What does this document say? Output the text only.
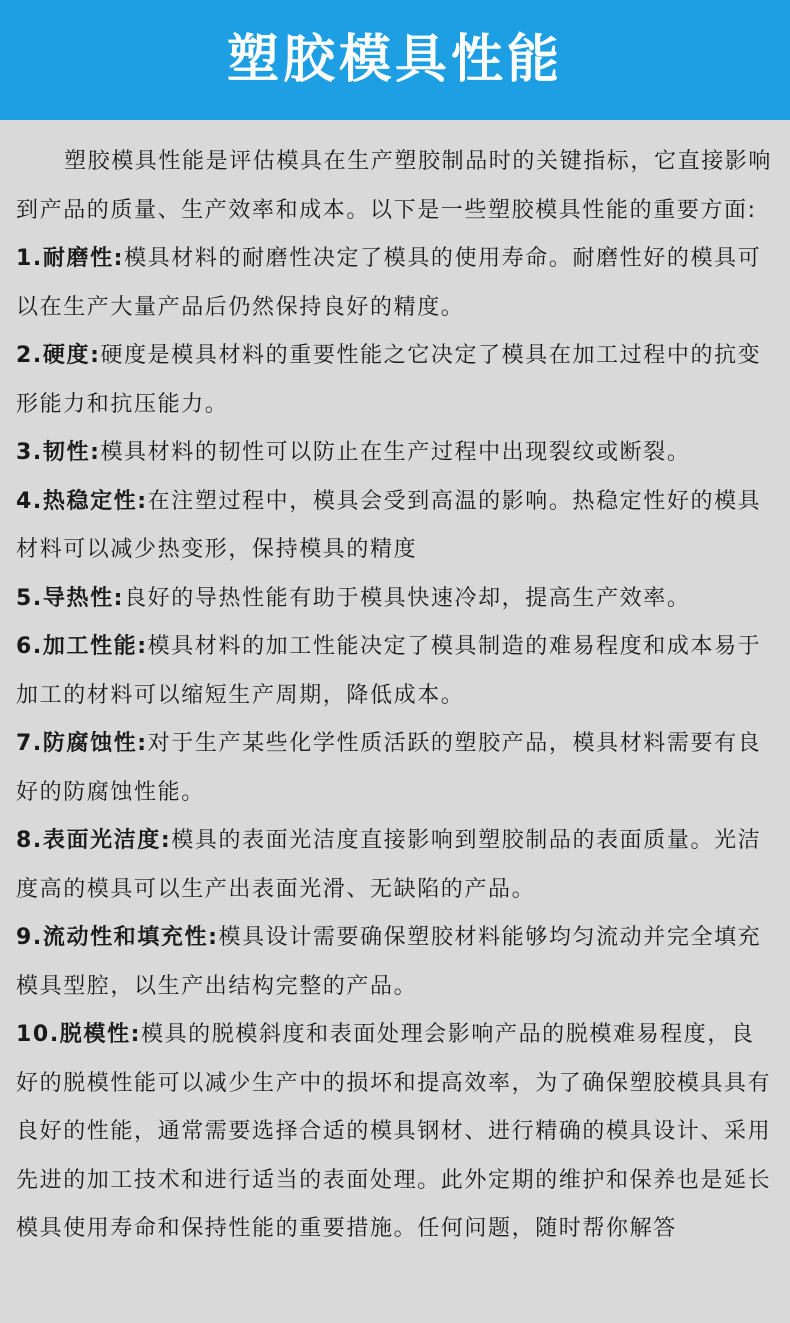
塑胶模具性能

塑胶模具性能是评估模具在生产塑胶制品时的关键指标，它直接影响到产品的质量、生产效率和成本。以下是一些塑胶模具性能的重要方面:

1.耐磨性:模具材料的耐磨性决定了模具的使用寿命。耐磨性好的模具可以在生产大量产品后仍然保持良好的精度。

2.硬度:硬度是模具材料的重要性能之它决定了模具在加工过程中的抗变形能力和抗压能力。

3.韧性:模具材料的韧性可以防止在生产过程中出现裂纹或断裂。

4.热稳定性:在注塑过程中，模具会受到高温的影响。热稳定性好的模具材料可以减少热变形，保持模具的精度

5.导热性:良好的导热性能有助于模具快速冷却，提高生产效率。

6.加工性能:模具材料的加工性能决定了模具制造的难易程度和成本易于加工的材料可以缩短生产周期，降低成本。

7.防腐蚀性:对于生产某些化学性质活跃的塑胶产品，模具材料需要有良好的防腐蚀性能。

8.表面光洁度:模具的表面光洁度直接影响到塑胶制品的表面质量。光洁度高的模具可以生产出表面光滑、无缺陷的产品。

9.流动性和填充性:模具设计需要确保塑胶材料能够均匀流动并完全填充模具型腔，以生产出结构完整的产品。

10.脱模性:模具的脱模斜度和表面处理会影响产品的脱模难易程度，良好的脱模性能可以减少生产中的损坏和提高效率，为了确保塑胶模具具有良好的性能，通常需要选择合适的模具钢材、进行精确的模具设计、采用先进的加工技术和进行适当的表面处理。此外定期的维护和保养也是延长模具使用寿命和保持性能的重要措施。任何问题，随时帮你解答
